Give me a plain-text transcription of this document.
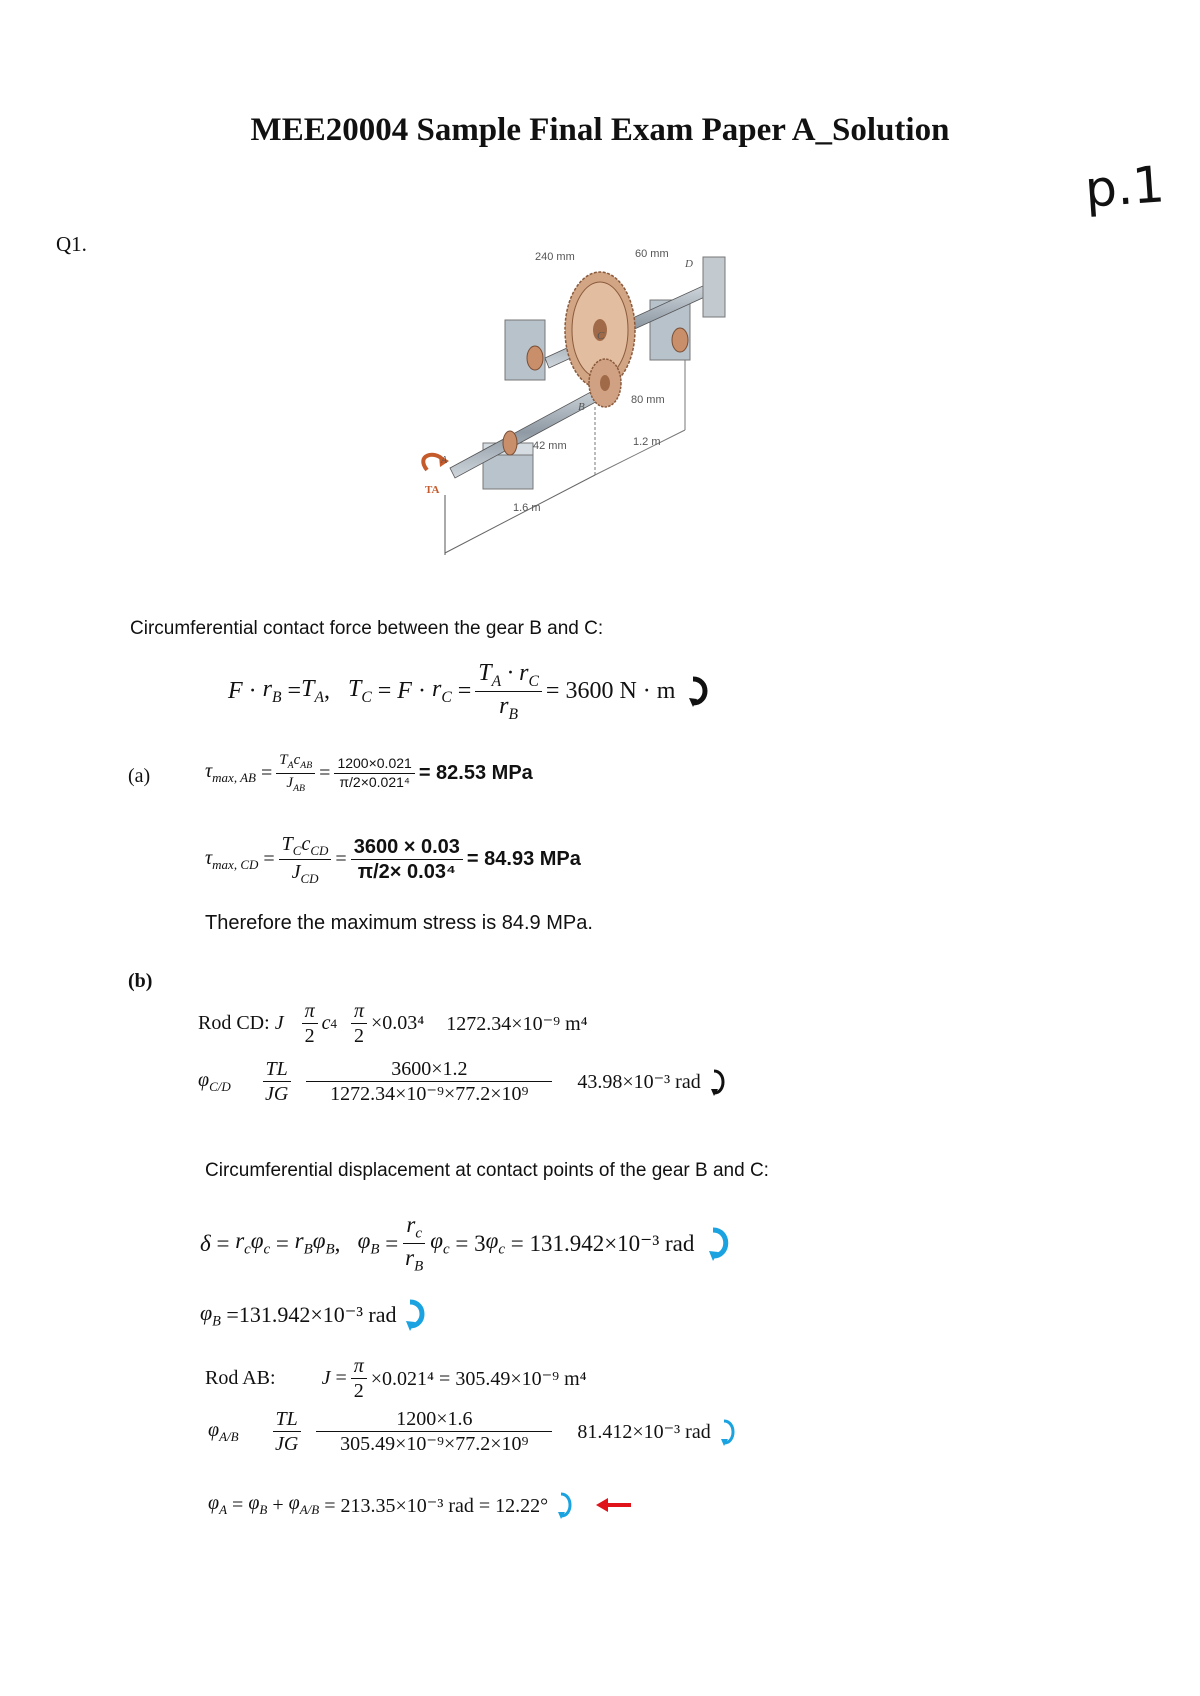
MEE20004 Sample Final Exam Paper A_Solution
p.1
Q1.
240 mm	60 mm
D
C
B
80 mm
42 mm	1.2 m
1.6 m
A
TA
Circumferential contact force between the gear B and C:
$F \cdot r_B = T_A$ , $T_C = F \cdot r_C = \frac{T_A \cdot r_C}{r_B} = 3600$ N · m
(a)	$\tau_{max, AB} = \frac{T_Ac_{AB}}{J_{AB}} = \frac{1200\times 0.021}{\text{π/2×0.021⁴}} = 82.53$ MPa
$\tau_{max, CD} = \frac{T_Cc_{CD}}{J_{CD}} = \frac{3600 \times 0.03}{\text{π/2× 0.03⁴}} = 84.93$ MPa
Therefore the maximum stress is 84.9 MPa.
(b)
Rod CD:
J $\frac{\pi}{2}$ c $4 \frac{\pi}{2} \times 0.03^4$ 1272.34×10⁻⁹ m⁴
$\varphi_{C/D}$	$\frac{TL}{JG} \frac{3600\times 1.2}{\text{1272.34×10⁻⁹×77.2×10⁹}} 43.98\times 10^{-3}$ rad
Circumferential displacement at contact points of the gear B and C:
$\delta = r_c\varphi_c = r_B\varphi_B$ , $\varphi_B = \frac{r_c}{r_B} \varphi_c = 3$ $\varphi_c$
= 131.942×10⁻³ rad
$\varphi_B$
=131.942×10⁻³ rad
Rod AB: $J = \frac{\pi}{2} \times 0.021^4 = 305.49\times 10^{-9}$ m⁴
$\varphi_{A/B}$	$\frac{TL}{JG} \frac{1200\times 1.6}{\text{305.49×10⁻⁹×77.2×10⁹}} 81.412\times 10^{-3}$ rad
$\varphi_A = \varphi_B + \varphi_{A/B}$
= 213.35×10⁻³ rad = 12.22°
